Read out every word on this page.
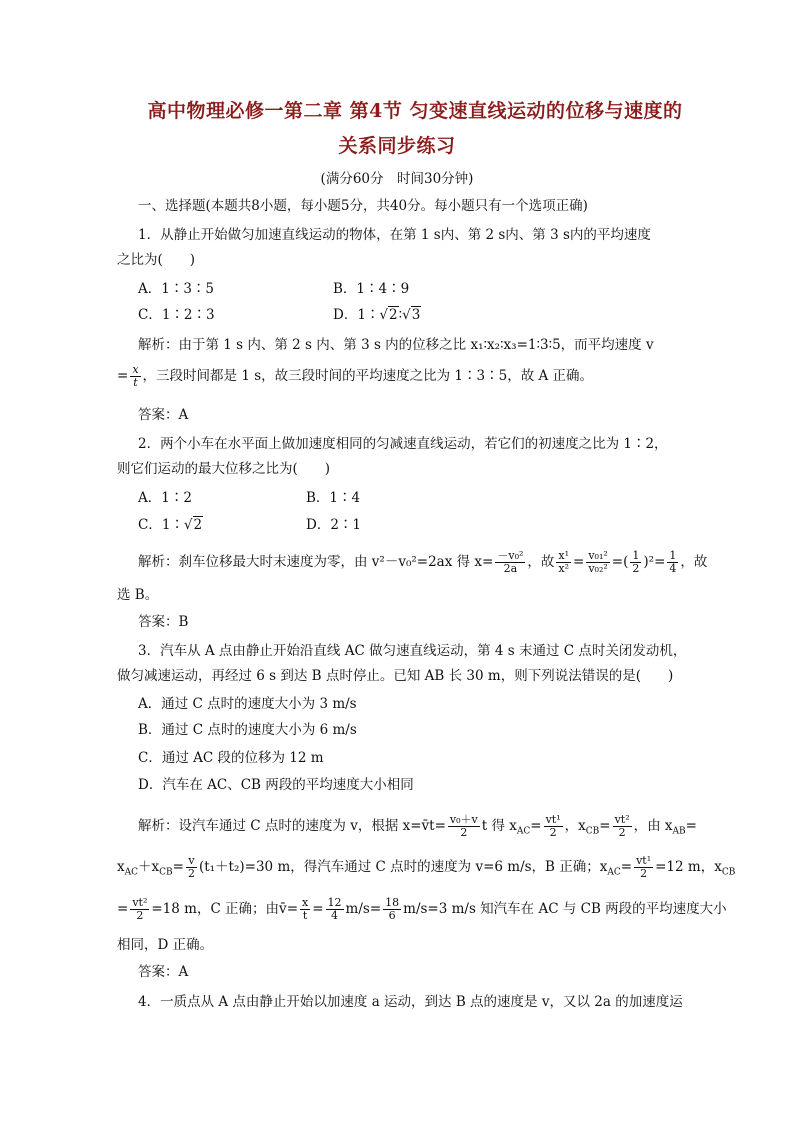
高中物理必修一第二章 第4节 匀变速直线运动的位移与速度的
关系同步练习
(满分60分　时间30分钟)
一、选择题(本题共8小题，每小题5分，共40分。每小题只有一个选项正确)
1．从静止开始做匀加速直线运动的物体，在第 1 s内、第 2 s内、第 3 s内的平均速度
之比为(　　)
A．1∶3∶5	B．1∶4∶9
C．1∶2∶3	D．1∶√2∶√3
解析：由于第 1 s 内、第 2 s 内、第 3 s 内的位移之比 x₁∶x₂∶x₃=1∶3∶5，而平均速度 v
= $\frac{x}{t}$ ，三段时间都是 1 s，故三段时间的平均速度之比为 1∶3∶5，故 A 正确。
答案：A
2．两个小车在水平面上做加速度相同的匀减速直线运动，若它们的初速度之比为 1∶2，
则它们运动的最大位移之比为(　　)
A．1∶2	B．1∶4
C．1∶√2	D．2∶1
解析：刹车位移最大时末速度为零，由 v²－v₀²=2ax 得 $x= \frac{\text{－v₀²}}{2a}$ ，故 $\frac{\text{x¹}}{\text{x²}} = \frac{\text{v₀₁²}}{\text{v₀₂²}}$ =( $\frac{1}{2} )^2= \frac{1}{4}$ ，故
选 B。
答案：B
3．汽车从 A 点由静止开始沿直线 AC 做匀速直线运动，第 4 s 末通过 C 点时关闭发动机，
做匀减速运动，再经过 6 s 到达 B 点时停止。已知 AB 长 30 m，则下列说法错误的是(　　)
A．通过 C 点时的速度大小为 3 m/s
B．通过 C 点时的速度大小为 6 m/s
C．通过 AC 段的位移为 12 m
D．汽车在 AC、CB 两段的平均速度大小相同
解析：设汽车通过 C 点时的速度为 v，根据 x=v̄t= $\frac{\text{v₀＋v}}{2}$ t 得 $x_{AC}= \frac{\text{vt¹}}{2}$ ，$x_{CB}= \frac{\text{vt²}}{2}$ ，由 $x_{AB}=$
$x_{AC}+x_{CB}= \frac{v}{2} (t_1+t_2)=30$ m，得汽车通过 C 点时的速度为 v=6 m/s，B 正确；$x_{AC}= \frac{\text{vt¹}}{2} =12$ m，$x_{CB}$
= $\frac{\text{vt²}}{2} =18$ m，C 正确；由v̄= $\frac{x}{t} = \frac{12}{4} m/s= \frac{18}{6} m/s=3$ m/s 知汽车在 AC 与 CB 两段的平均速度大小
相同，D 正确。
答案：A
4．一质点从 A 点由静止开始以加速度 a 运动，到达 B 点的速度是 v，又以 2a 的加速度运
